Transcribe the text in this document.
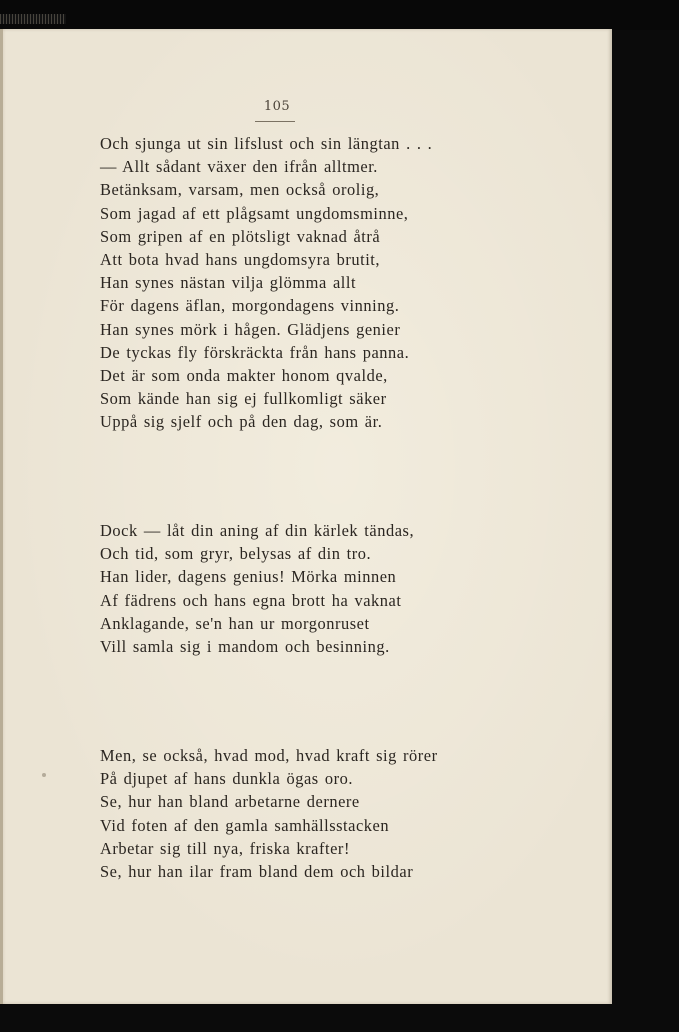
105
Och sjunga ut sin lifslust och sin längtan . . .
— Allt sådant växer den ifrån alltmer.
Betänksam, varsam, men också orolig,
Som jagad af ett plågsamt ungdomsminne,
Som gripen af en plötsligt vaknad åtrå
Att bota hvad hans ungdomsyra brutit,
Han synes nästan vilja glömma allt
För dagens äflan, morgondagens vinning.
Han synes mörk i hågen. Glädjens genier
De tyckas fly förskräckta från hans panna.
Det är som onda makter honom qvalde,
Som kände han sig ej fullkomligt säker
Uppå sig sjelf och på den dag, som är.
Dock — låt din aning af din kärlek tändas,
Och tid, som gryr, belysas af din tro.
Han lider, dagens genius! Mörka minnen
Af fädrens och hans egna brott ha vaknat
Anklagande, se'n han ur morgonruset
Vill samla sig i mandom och besinning.
Men, se också, hvad mod, hvad kraft sig rörer
På djupet af hans dunkla ögas oro.
Se, hur han bland arbetarne dernere
Vid foten af den gamla samhällsstacken
Arbetar sig till nya, friska krafter!
Se, hur han ilar fram bland dem och bildar
